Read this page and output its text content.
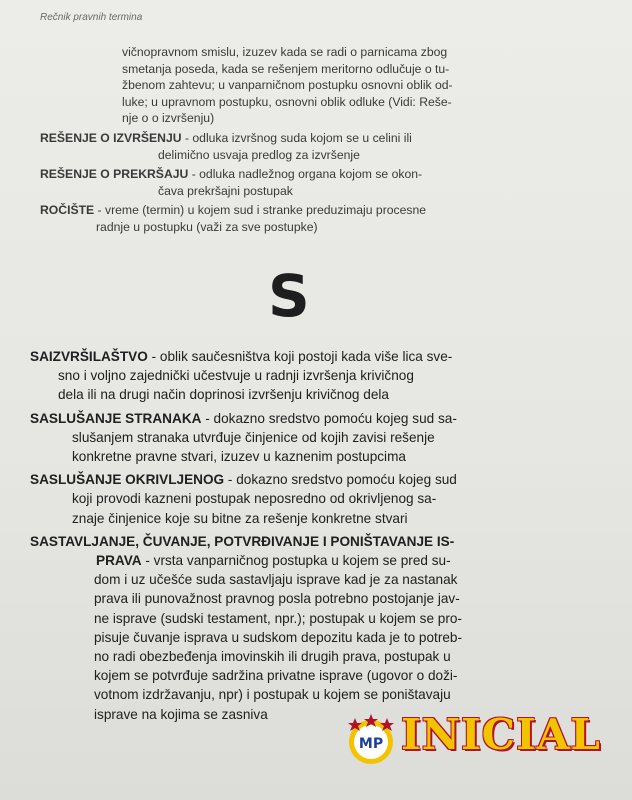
Rečnik pravnih termina
vičnopravnom smislu, izuzev kada se radi o parnicama zbog
smetanja poseda, kada se rešenjem meritorno odlučuje o tu-
žbenom zahtevu; u vanparničnom postupku osnovni oblik od-
luke; u upravnom postupku, osnovni oblik odluke (Vidi: Reše-
nje o o izvršenju)
REŠENJE O IZVRŠENJU - odluka izvršnog suda kojom se u celini ili
delimično usvaja predlog za izvršenje
REŠENJE O PREKRŠAJU - odluka nadležnog organa kojom se okon-
čava prekršajni postupak
ROČIŠTE - vreme (termin) u kojem sud i stranke preduzimaju procesne
radnje u postupku (važi za sve postupke)
S
SAIZVRŠILAŠTVO - oblik saučesništva koji postoji kada više lica sve-
sno i voljno zajednički učestvuje u radnji izvršenja krivičnog
dela ili na drugi način doprinosi izvršenju krivičnog dela
SASLUŠANJE STRANAKA - dokazno sredstvo pomoću kojeg sud sa-
slušanjem stranaka utvrđuje činjenice od kojih zavisi rešenje
konkretne pravne stvari, izuzev u kaznenim postupcima
SASLUŠANJE OKRIVLJENOG - dokazno sredstvo pomoću kojeg sud
koji provodi kazneni postupak neposredno od okrivljenog sa-
znaje činjenice koje su bitne za rešenje konkretne stvari
SASTAVLJANJE, ČUVANJE, POTVRĐIVANJE I PONIŠTAVANJE IS-
PRAVA - vrsta vanparničnog postupka u kojem se pred su-
dom i uz učešće suda sastavljaju isprave kad je za nastanak
prava ili punovažnost pravnog posla potrebno postojanje jav-
ne isprave (sudski testament, npr.); postupak u kojem se pro-
pisuje čuvanje isprava u sudskom depozitu kada je to potreb-
no radi obezbeđenja imovinskih ili drugih prava, postupak u
kojem se potvrđuje sadržina privatne isprave (ugovor o doži-
votnom izdržavanju, npr) i postupak u kojem se poništavaju
isprave na kojima se zasniva
MP INICIAL
